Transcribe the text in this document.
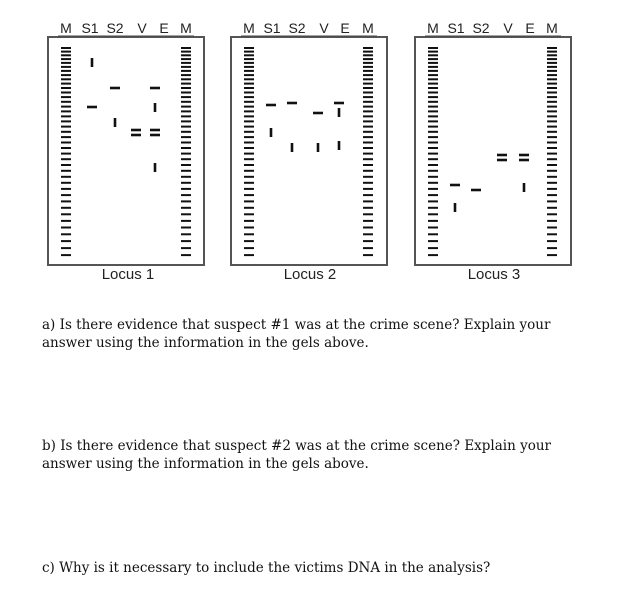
M S1 S2 V E M
Locus 1
M S1 S2 V E M
Locus 2
M S1 S2 V E M
Locus 3

a) Is there evidence that suspect #1 was at the crime scene? Explain your answer using the information in the gels above.

b) Is there evidence that suspect #2 was at the crime scene? Explain your answer using the information in the gels above.

c) Why is it necessary to include the victims DNA in the analysis?
